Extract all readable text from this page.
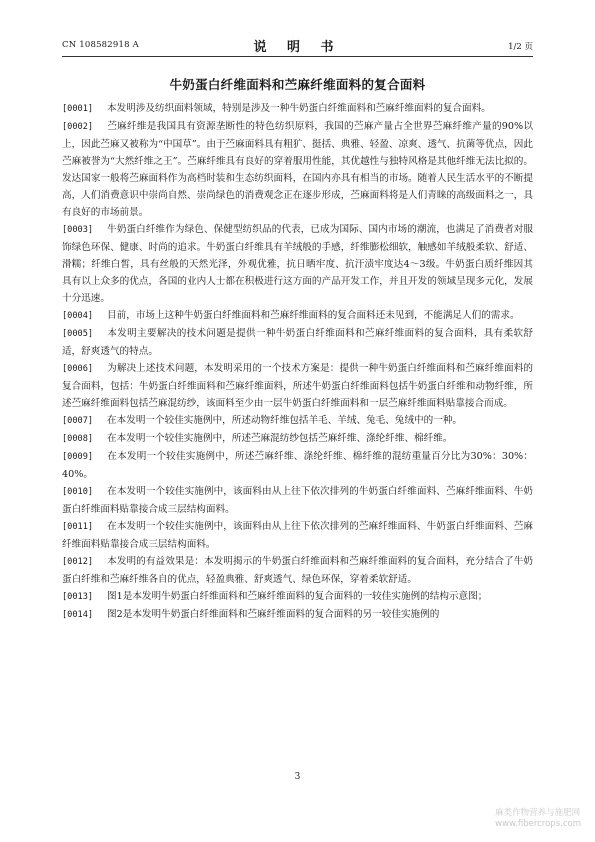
CN 108582918 A	说 明 书	1/2 页
牛奶蛋白纤维面料和苎麻纤维面料的复合面料

[0001] 本发明涉及纺织面料领域，特别是涉及一种牛奶蛋白纤维面料和苎麻纤维面料的复合面料。

[0002] 苎麻纤维是我国具有资源垄断性的特色纺织原料，我国的苎麻产量占全世界苎麻纤维产量的90%以上，因此苎麻又被称为“中国草”。由于苎麻面料具有粗犷、挺括、典雅、轻盈、凉爽、透气、抗菌等优点，因此苎麻被誉为“大然纤维之王”。苎麻纤维具有良好的穿着服用性能，其优越性与独特风格是其他纤维无法比拟的。发达国家一般将苎麻面料作为高档时装和生态纺织面料，在国内亦具有相当的市场。随着人民生活水平的不断提高，人们消费意识中崇尚自然、崇尚绿色的消费观念正在逐步形成，苎麻面料将是人们青睐的高级面料之一，具有良好的市场前景。

[0003] 牛奶蛋白纤维作为绿色、保健型纺织品的代表，已成为国际、国内市场的潮流，也满足了消费者对服饰绿色环保、健康、时尚的追求。牛奶蛋白纤维具有羊绒般的手感，纤维膨松细软，触感如羊绒般柔软、舒适、滑糯；纤维白皙，具有丝般的天然光泽，外观优雅，抗日晒牢度、抗汗渍牢度达4～3级。牛奶蛋白质纤维因其具有以上众多的优点，各国的业内人士都在积极进行这方面的产品开发工作，并且开发的领域呈现多元化，发展十分迅速。

[0004] 目前，市场上这种牛奶蛋白纤维面料和苎麻纤维面料的复合面料还未见到，不能满足人们的需求。

[0005] 本发明主要解决的技术问题是提供一种牛奶蛋白纤维面料和苎麻纤维面料的复合面料，具有柔软舒适，舒爽透气的特点。

[0006] 为解决上述技术问题，本发明采用的一个技术方案是：提供一种牛奶蛋白纤维面料和苎麻纤维面料的复合面料，包括：牛奶蛋白纤维面料和苎麻纤维面料，所述牛奶蛋白纤维面料包括牛奶蛋白纤维和动物纤维，所述苎麻纤维面料包括苎麻混纺纱，该面料至少由一层牛奶蛋白纤维面料和一层苎麻纤维面料贴靠接合而成。

[0007] 在本发明一个较佳实施例中，所述动物纤维包括羊毛、羊绒、兔毛、兔绒中的一种。

[0008] 在本发明一个较佳实施例中，所述苎麻混纺纱包括苎麻纤维、涤纶纤维、棉纤维。

[0009] 在本发明一个较佳实施例中，所述苎麻纤维、涤纶纤维、棉纤维的混纺重量百分比为30%：30%：40%。

[0010] 在本发明一个较佳实施例中，该面料由从上往下依次排列的牛奶蛋白纤维面料、苎麻纤维面料、牛奶蛋白纤维面料贴靠接合成三层结构面料。

[0011] 在本发明一个较佳实施例中，该面料由从上往下依次排列的苎麻纤维面料、牛奶蛋白纤维面料、苎麻纤维面料贴靠接合成三层结构面料。

[0012] 本发明的有益效果是：本发明揭示的牛奶蛋白纤维面料和苎麻纤维面料的复合面料，充分结合了牛奶蛋白纤维和苎麻纤维各自的优点，轻盈典雅、舒爽透气、绿色环保，穿着柔软舒适。

[0013] 图1是本发明牛奶蛋白纤维面料和苎麻纤维面料的复合面料的一较佳实施例的结构示意图；

[0014] 图2是本发明牛奶蛋白纤维面料和苎麻纤维面料的复合面料的另一较佳实施例的

3
麻类作物营养与施肥网
www.fibercrops.com
